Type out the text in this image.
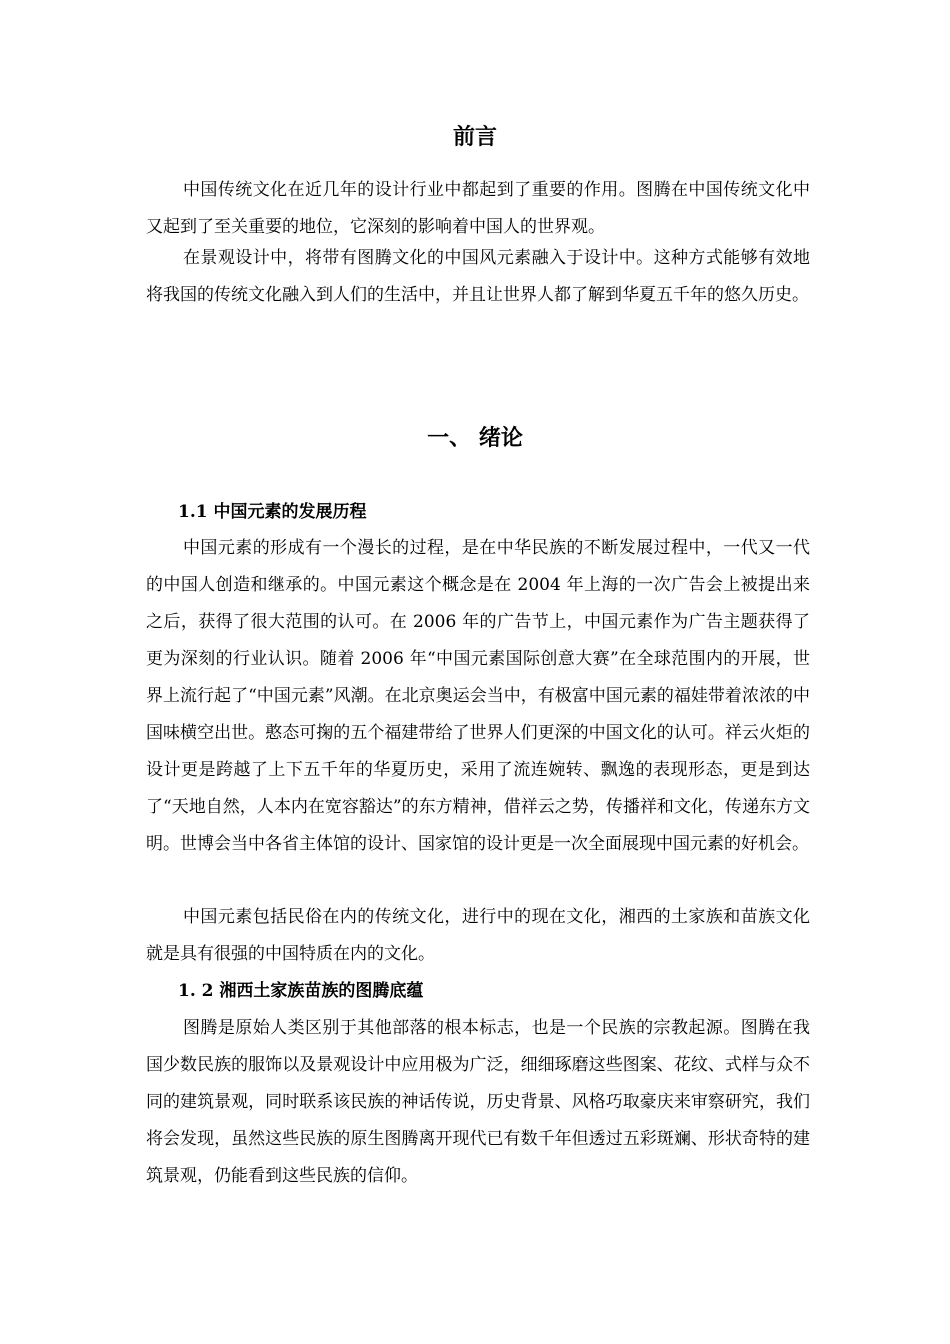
前言

中国传统文化在近几年的设计行业中都起到了重要的作用。图腾在中国传统文化中又起到了至关重要的地位，它深刻的影响着中国人的世界观。

在景观设计中，将带有图腾文化的中国风元素融入于设计中。这种方式能够有效地将我国的传统文化融入到人们的生活中，并且让世界人都了解到华夏五千年的悠久历史。

一、 绪论

1.1 中国元素的发展历程

中国元素的形成有一个漫长的过程，是在中华民族的不断发展过程中，一代又一代的中国人创造和继承的。中国元素这个概念是在 2004 年上海的一次广告会上被提出来之后，获得了很大范围的认可。在 2006 年的广告节上，中国元素作为广告主题获得了更为深刻的行业认识。随着 2006 年“中国元素国际创意大赛”在全球范围内的开展，世界上流行起了“中国元素”风潮。在北京奥运会当中，有极富中国元素的福娃带着浓浓的中国味横空出世。憨态可掬的五个福建带给了世界人们更深的中国文化的认可。祥云火炬的设计更是跨越了上下五千年的华夏历史，采用了流连婉转、飘逸的表现形态，更是到达了“天地自然，人本内在宽容豁达”的东方精神，借祥云之势，传播祥和文化，传递东方文明。世博会当中各省主体馆的设计、国家馆的设计更是一次全面展现中国元素的好机会。

中国元素包括民俗在内的传统文化，进行中的现在文化，湘西的土家族和苗族文化就是具有很强的中国特质在内的文化。

1. 2 湘西土家族苗族的图腾底蕴

图腾是原始人类区别于其他部落的根本标志，也是一个民族的宗教起源。图腾在我国少数民族的服饰以及景观设计中应用极为广泛，细细琢磨这些图案、花纹、式样与众不同的建筑景观，同时联系该民族的神话传说，历史背景、风格巧取豪庆来审察研究，我们将会发现，虽然这些民族的原生图腾离开现代已有数千年但透过五彩斑斓、形状奇特的建筑景观，仍能看到这些民族的信仰。
